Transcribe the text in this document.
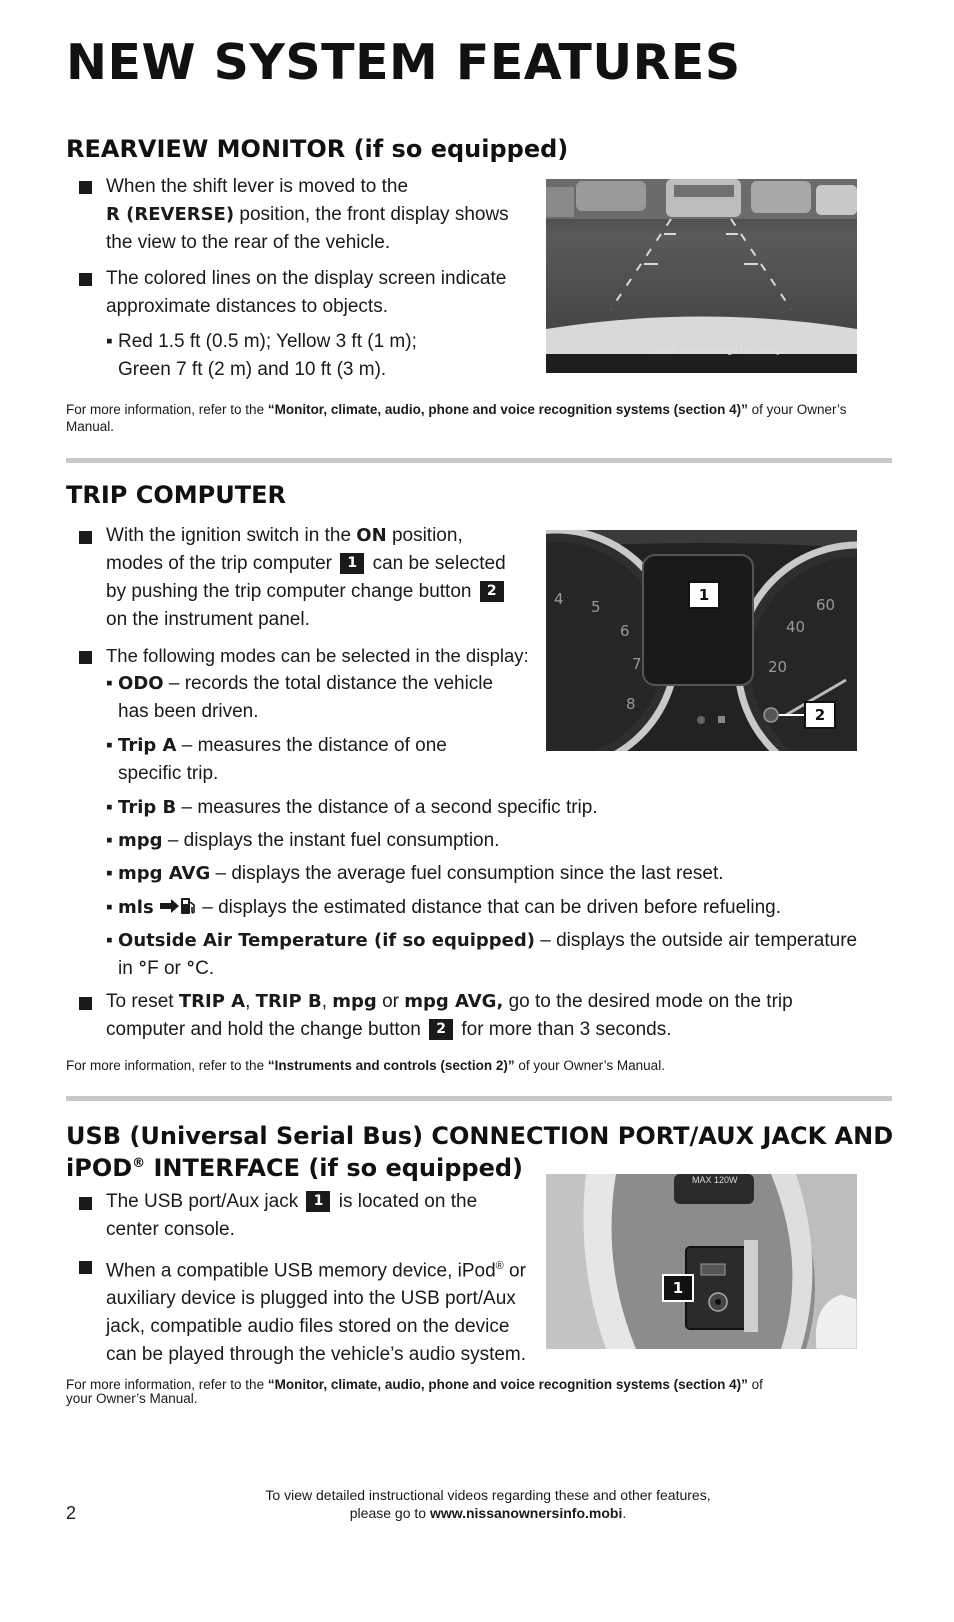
NEW SYSTEM FEATURES
REARVIEW MONITOR (if so equipped)
When the shift lever is moved to the
R (REVERSE) position, the front display shows
the view to the rear of the vehicle.
The colored lines on the display screen indicate
approximate distances to objects.
▪ Red 1.5 ft (0.5 m); Yellow 3 ft (1 m);
Green 7 ft (2 m) and 10 ft (3 m).
Check surroundings for safety.
For more information, refer to the “Monitor, climate, audio, phone and voice recognition systems (section 4)” of your Owner’s Manual.
TRIP COMPUTER
With the ignition switch in the ON position,
modes of the trip computer 1 can be selected
by pushing the trip computer change button 2
on the instrument panel.
The following modes can be selected in the display:
▪ ODO – records the total distance the vehicle
has been driven.
▪ Trip A – measures the distance of one
specific trip.
▪ Trip B – measures the distance of a second specific trip.
▪ mpg – displays the instant fuel consumption.
▪ mpg AVG – displays the average fuel consumption since the last reset.
▪ mls	– displays the estimated distance that can be driven before refueling.
▪ Outside Air Temperature (if so equipped) – displays the outside air temperature
in °F or °C.
To reset TRIP A, TRIP B, mpg or mpg AVG, go to the desired mode on the trip
computer and hold the change button 2 for more than 3 seconds.
4 5
6
7
8
60
40
20
1
2
For more information, refer to the “Instruments and controls (section 2)” of your Owner’s Manual.
USB (Universal Serial Bus) CONNECTION PORT/AUX JACK AND
iPOD® INTERFACE (if so equipped)
The USB port/Aux jack 1 is located on the
center console.
When a compatible USB memory device, iPod® or
auxiliary device is plugged into the USB port/Aux
jack, compatible audio files stored on the device
can be played through the vehicle’s audio system.
MAX 120W
1
For more information, refer to the “Monitor, climate, audio, phone and voice recognition systems (section 4)” of
your Owner’s Manual.
To view detailed instructional videos regarding these and other features,
please go to www.nissanownersinfo.mobi.
2
